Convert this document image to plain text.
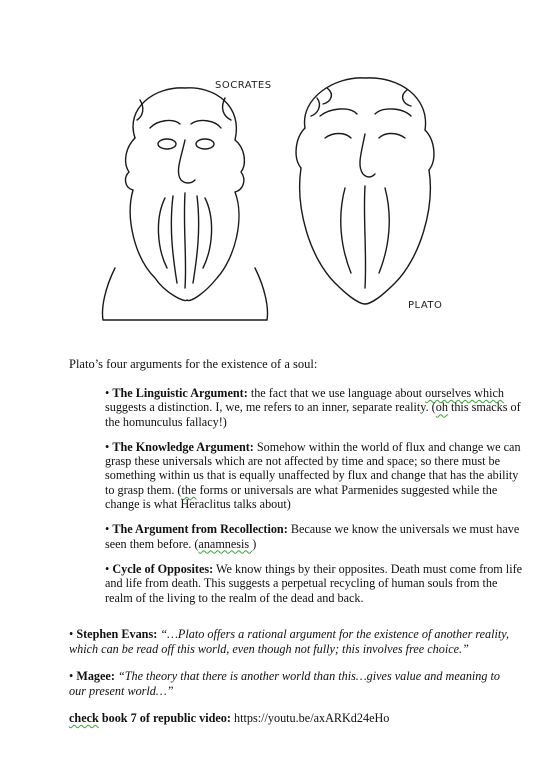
SOCRATES
PLATO
Plato’s four arguments for the existence of a soul:
• The Linguistic Argument: the fact that we use language about ourselves which suggests a distinction. I, we, me refers to an inner, separate reality. (oh this smacks of the homunculus fallacy!)
• The Knowledge Argument: Somehow within the world of flux and change we can grasp these universals which are not affected by time and space; so there must be something within us that is equally unaffected by flux and change that has the ability to grasp them. (the forms or universals are what Parmenides suggested while the change is what Heraclitus talks about)
• The Argument from Recollection: Because we know the universals we must have seen them before. (anamnesis )
• Cycle of Opposites: We know things by their opposites. Death must come from life and life from death. This suggests a perpetual recycling of human souls from the realm of the living to the realm of the dead and back.
• Stephen Evans: “…Plato offers a rational argument for the existence of another reality, which can be read off this world, even though not fully; this involves free choice.”
• Magee: “The theory that there is another world than this…gives value and meaning to our present world…”
check book 7 of republic video: https://youtu.be/axARKd24eHo
